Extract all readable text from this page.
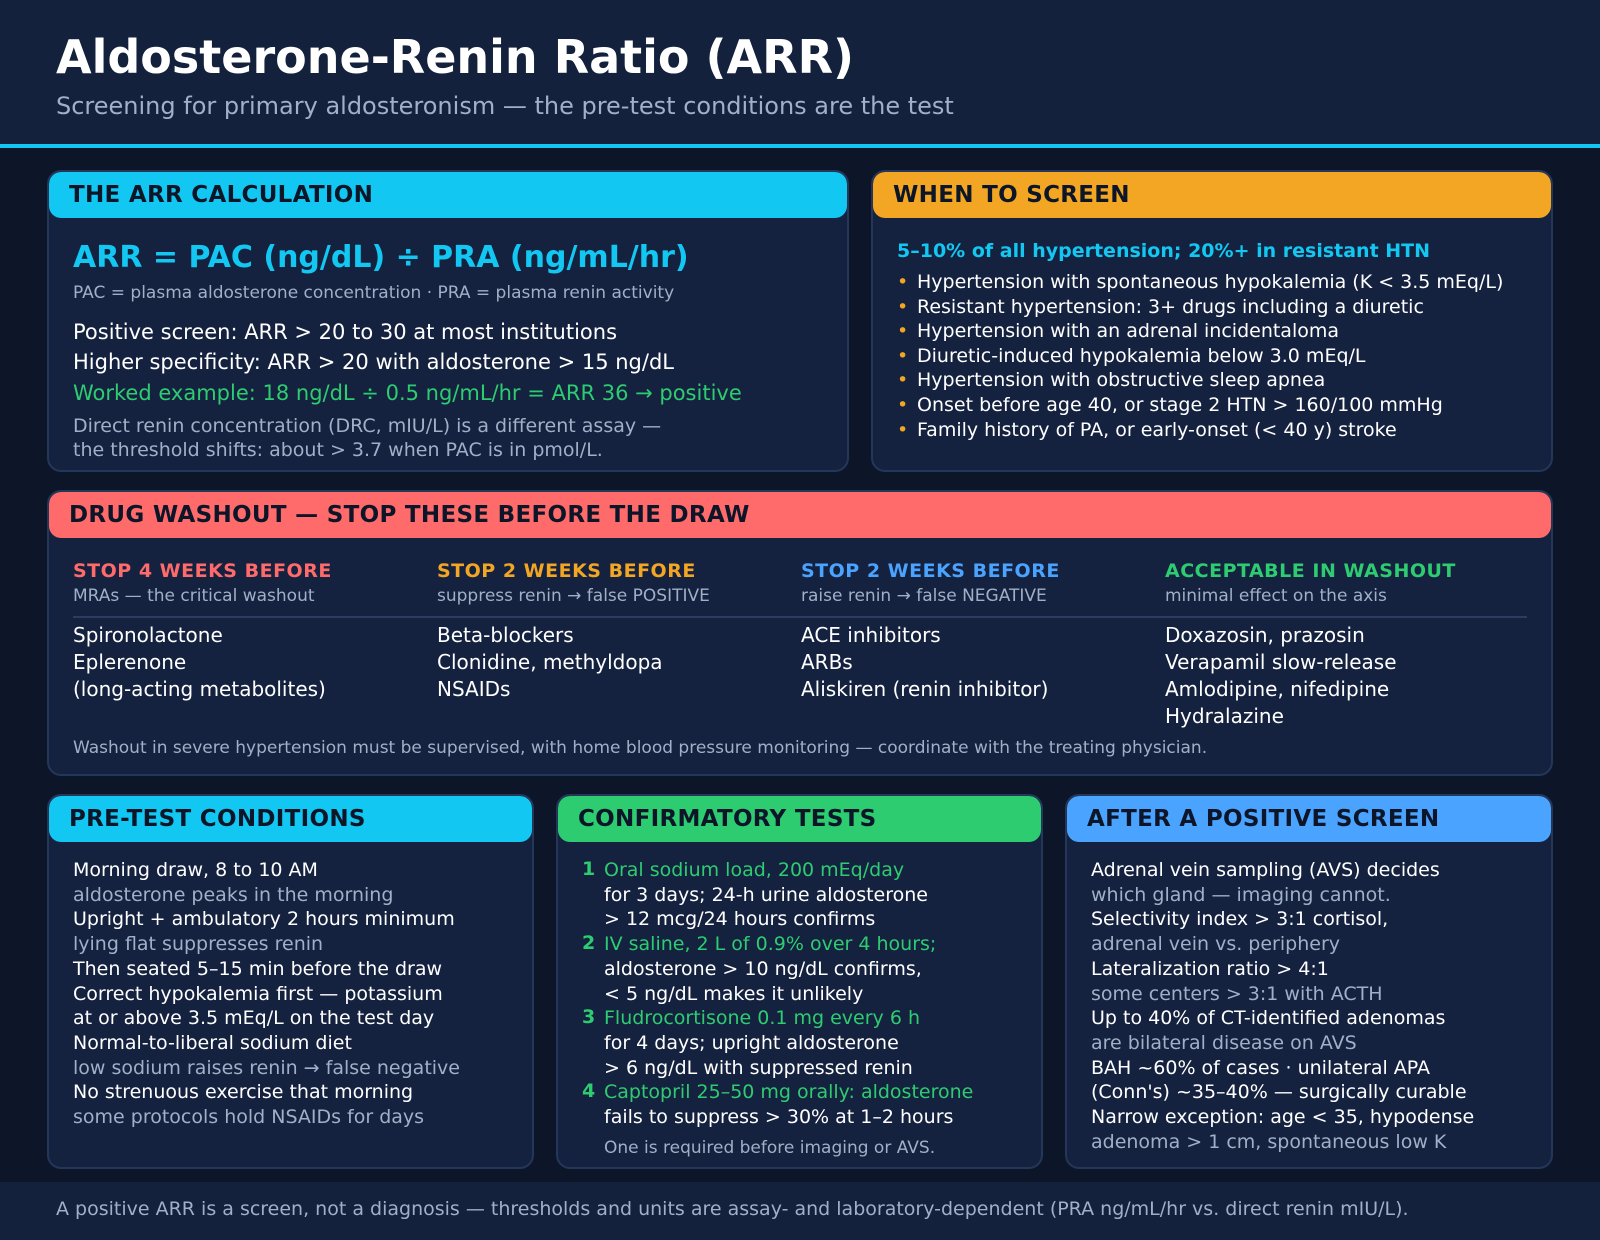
Aldosterone-Renin Ratio (ARR)
Screening for primary aldosteronism — the pre-test conditions are the test
THE ARR CALCULATION
ARR = PAC (ng/dL) ÷ PRA (ng/mL/hr)
PAC = plasma aldosterone concentration · PRA = plasma renin activity
Positive screen: ARR > 20 to 30 at most institutions
Higher specificity: ARR > 20 with aldosterone > 15 ng/dL
Worked example: 18 ng/dL ÷ 0.5 ng/mL/hr = ARR 36 → positive
Direct renin concentration (DRC, mIU/L) is a different assay —
the threshold shifts: about > 3.7 when PAC is in pmol/L.
WHEN TO SCREEN
5–10% of all hypertension; 20%+ in resistant HTN
• Hypertension with spontaneous hypokalemia (K < 3.5 mEq/L)
• Resistant hypertension: 3+ drugs including a diuretic
• Hypertension with an adrenal incidentaloma
• Diuretic-induced hypokalemia below 3.0 mEq/L
• Hypertension with obstructive sleep apnea
• Onset before age 40, or stage 2 HTN > 160/100 mmHg
• Family history of PA, or early-onset (< 40 y) stroke
DRUG WASHOUT — STOP THESE BEFORE THE DRAW
STOP 4 WEEKS BEFORE
MRAs — the critical washout
STOP 2 WEEKS BEFORE
suppress renin → false POSITIVE
STOP 2 WEEKS BEFORE
raise renin → false NEGATIVE
ACCEPTABLE IN WASHOUT
minimal effect on the axis
Spironolactone
Eplerenone
(long-acting metabolites)
Beta-blockers
Clonidine, methyldopa
NSAIDs
ACE inhibitors
ARBs
Aliskiren (renin inhibitor)
Doxazosin, prazosin
Verapamil slow-release
Amlodipine, nifedipine
Hydralazine
Washout in severe hypertension must be supervised, with home blood pressure monitoring — coordinate with the treating physician.
PRE-TEST CONDITIONS
Morning draw, 8 to 10 AM
aldosterone peaks in the morning
Upright + ambulatory 2 hours minimum
lying flat suppresses renin
Then seated 5–15 min before the draw
Correct hypokalemia first — potassium
at or above 3.5 mEq/L on the test day
Normal-to-liberal sodium diet
low sodium raises renin → false negative
No strenuous exercise that morning
some protocols hold NSAIDs for days
CONFIRMATORY TESTS
1 Oral sodium load, 200 mEq/day
for 3 days; 24-h urine aldosterone
> 12 mcg/24 hours confirms
2 IV saline, 2 L of 0.9% over 4 hours;
aldosterone > 10 ng/dL confirms,
< 5 ng/dL makes it unlikely
3 Fludrocortisone 0.1 mg every 6 h
for 4 days; upright aldosterone
> 6 ng/dL with suppressed renin
4 Captopril 25–50 mg orally: aldosterone
fails to suppress > 30% at 1–2 hours
One is required before imaging or AVS.
AFTER A POSITIVE SCREEN
Adrenal vein sampling (AVS) decides
which gland — imaging cannot.
Selectivity index > 3:1 cortisol,
adrenal vein vs. periphery
Lateralization ratio > 4:1
some centers > 3:1 with ACTH
Up to 40% of CT-identified adenomas
are bilateral disease on AVS
BAH ~60% of cases · unilateral APA
(Conn's) ~35–40% — surgically curable
Narrow exception: age < 35, hypodense
adenoma > 1 cm, spontaneous low K
A positive ARR is a screen, not a diagnosis — thresholds and units are assay- and laboratory-dependent (PRA ng/mL/hr vs. direct renin mIU/L).
